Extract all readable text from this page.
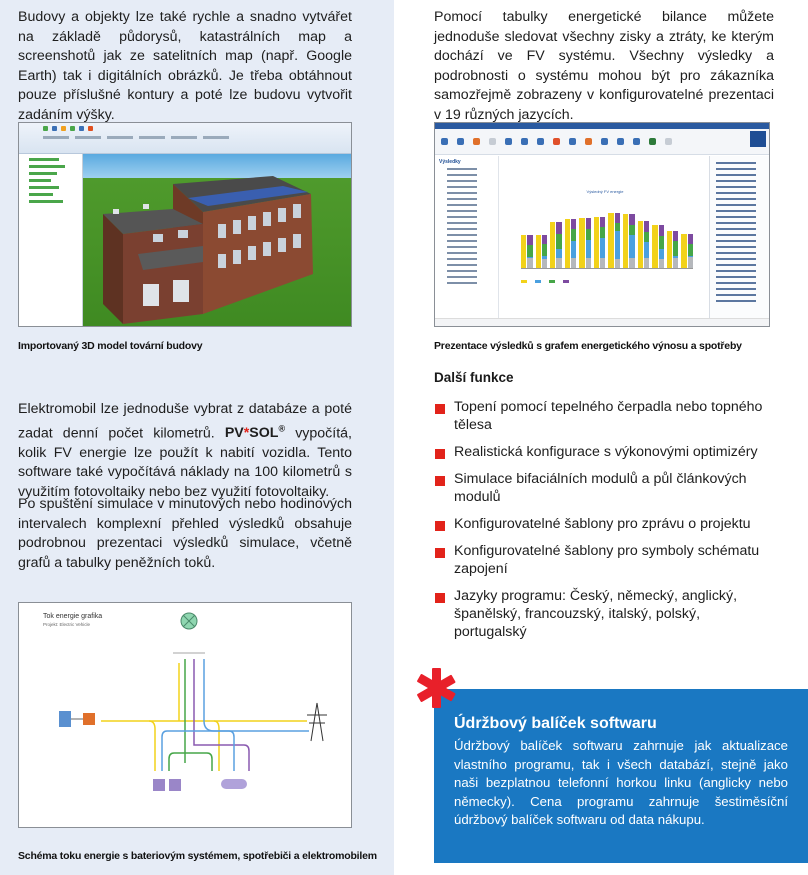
Budovy a objekty lze také rychle a snadno vytvářet na základě půdorysů, katastrálních map a screenshotů jak ze satelitních map (např. Google Earth) tak i digitálních obrázků. Je třeba obtáhnout pouze příslušné kontury a poté lze budovu vytvořit zadáním výšky.

Importovaný 3D model tovární budovy

Elektromobil lze jednoduše vybrat z databáze a poté zadat denní počet kilometrů. PV*SOL® vypočítá, kolik FV energie lze použít k nabití vozidla. Tento software také vypočítává náklady na 100 kilometrů s využitím fotovoltaiky nebo bez využití fotovoltaiky.

Po spuštění simulace v minutových nebo hodinových intervalech komplexní přehled výsledků obsahuje podrobnou prezentaci výsledků simulace, včetně grafů a tabulky peněžních toků.

Tok energie grafika
Projekt: Electric Vehicle
Schéma toku energie s bateriovým systémem, spotřebiči a elektromobilem

Pomocí tabulky energetické bilance můžete jednoduše sledovat všechny zisky a ztráty, ke kterým dochází ve FV systému. Všechny výsledky a podrobnosti o systému mohou být pro zákazníka samozřejmě zobrazeny v konfigurovatelné prezentaci v 19 různých jazycích.

Výsledky
Výsledný FV energie
Prezentace výsledků s grafem energetického výnosu a spotřeby
Další funkce
Topení pomocí tepelného čerpadla nebo topného tělesa
Realistická konfigurace s výkonovými optimizéry
Simulace bifaciálních modulů a půl článkových modulů
Konfigurovatelné šablony pro zprávu o projektu
Konfigurovatelné šablony pro symboly schématu zapojení
Jazyky programu: Český, německý, anglický, španělský, francouzský, italský, polský, portugalský
Údržbový balíček softwaru
Údržbový balíček softwaru zahrnuje jak aktualizace vlastního programu, tak i všech databází, stejně jako naši bezplatnou telefonní horkou linku (anglicky nebo německy). Cena programu zahrnuje šestiměsíční údržbový balíček softwaru od data nákupu.
